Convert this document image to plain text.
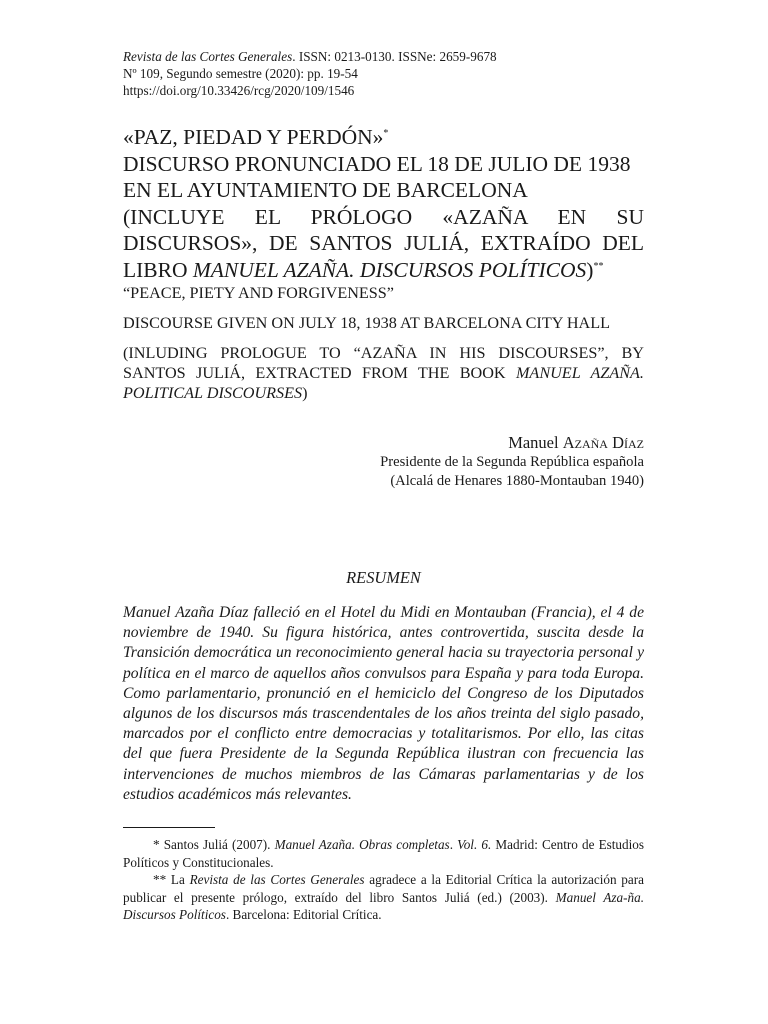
Revista de las Cortes Generales. ISSN: 0213-0130. ISSNe: 2659-9678
Nº 109, Segundo semestre (2020): pp. 19-54
https://doi.org/10.33426/rcg/2020/109/1546
«PAZ, PIEDAD Y PERDÓN»*
DISCURSO PRONUNCIADO EL 18 DE JULIO DE 1938
EN EL AYUNTAMIENTO DE BARCELONA
(INCLUYE EL PRÓLOGO «AZAÑA EN SU
DISCURSOS», DE SANTOS JULIÁ, EXTRAÍDO DEL
LIBRO MANUEL AZAÑA. DISCURSOS POLÍTICOS)**

“PEACE, PIETY AND FORGIVENESS”

DISCOURSE GIVEN ON JULY 18, 1938 AT BARCELONA CITY HALL

(INLUDING PROLOGUE TO “AZAÑA IN HIS DISCOURSES”, BY SANTOS JULIÁ, EXTRACTED FROM THE BOOK MANUEL AZAÑA. POLITICAL DISCOURSES)

Manuel Azaña Díaz
Presidente de la Segunda República española
(Alcalá de Henares 1880-Montauban 1940)
RESUMEN

Manuel Azaña Díaz falleció en el Hotel du Midi en Montauban (Francia), el 4 de noviembre de 1940. Su figura histórica, antes controvertida, suscita desde la Transición democrática un reconocimiento general hacia su trayectoria personal y política en el marco de aquellos años convulsos para España y para toda Europa. Como parlamentario, pronunció en el hemiciclo del Congreso de los Diputados algunos de los discursos más trascendentales de los años treinta del siglo pasado, marcados por el conflicto entre democracias y totalitarismos. Por ello, las citas del que fuera Presidente de la Segunda República ilustran con frecuencia las intervenciones de muchos miembros de las Cámaras parlamentarias y de los estudios académicos más relevantes.

* Santos Juliá (2007). Manuel Azaña. Obras completas. Vol. 6. Madrid: Centro de Estudios Políticos y Constitucionales.

** La Revista de las Cortes Generales agradece a la Editorial Crítica la autorización para publicar el presente prólogo, extraído del libro Santos Juliá (ed.) (2003). Manuel Aza-ña. Discursos Políticos. Barcelona: Editorial Crítica.
